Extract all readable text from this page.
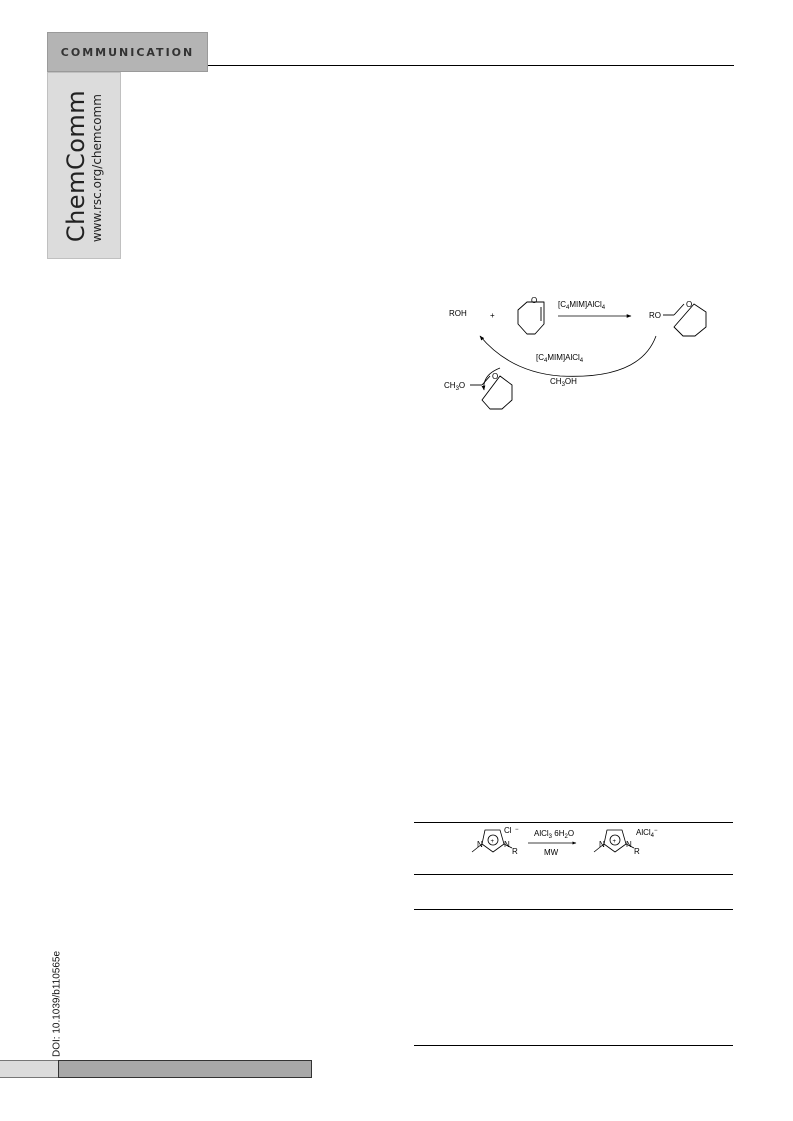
COMMUNICATION
ChemComm www.rsc.org/chemcomm
DOI: 10.1039/b110565e
ROH	+
O	$[C_4MIM]AlCl_4$
RO
O
$[C_4MIM]AlCl_4$
$CH_3OH$
$CH_3O$
O
N	N
+
R
Cl − AlCl$_3$ $6H_2O$
MW
N	N
+
R
AlCl$_4$−
